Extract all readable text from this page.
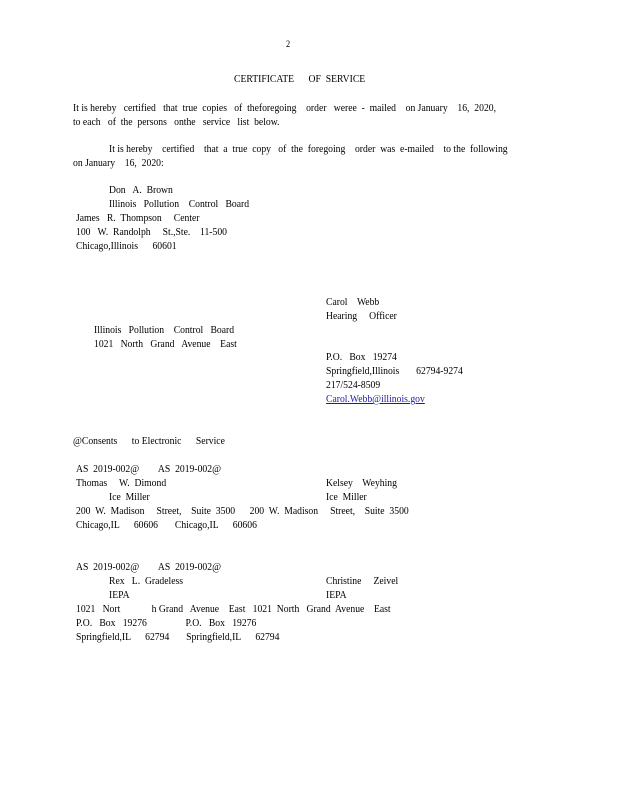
2
CERTIFICATE      OF  SERVICE
It is hereby   certified   that  true  copies   of  theforegoing    order   weree  -  mailed    on January    16,  2020,
to each   of  the  persons   onthe   service   list  below.
It is hereby    certified    that  a  true  copy   of  the  foregoing    order  was  e-mailed    to the  following
on January    16,  2020:
Don   A.  Brown
Illinois   Pollution    Control   Board
James   R.  Thompson     Center
100   W.  Randolph     St.,Ste.    11-500
Chicago,Illinois      60601
Illinois   Pollution    Control   Board
1021   North   Grand   Avenue    East
Carol    Webb
Hearing     Officer
P.O.   Box   19274
Springfield,Illinois       62794-9274
217/524-8509
Carol.Webb@illinois.gov
@Consents      to Electronic      Service
AS  2019-002@        AS  2019-002@
Thomas     W.  Dimond	Kelsey    Weyhing
Ice  Miller	Ice  Miller
200  W.  Madison     Street,    Suite  3500      200  W.  Madison     Street,    Suite  3500
Chicago,IL      60606       Chicago,IL      60606
AS  2019-002@        AS  2019-002@
Rex   L.  Gradeless	Christine     Zeivel
IEPA	IEPA
1021   Nort             h Grand   Avenue    East   1021  North   Grand  Avenue    East
P.O.   Box   19276                P.O.   Box   19276
Springfield,IL      62794       Springfield,IL      62794
